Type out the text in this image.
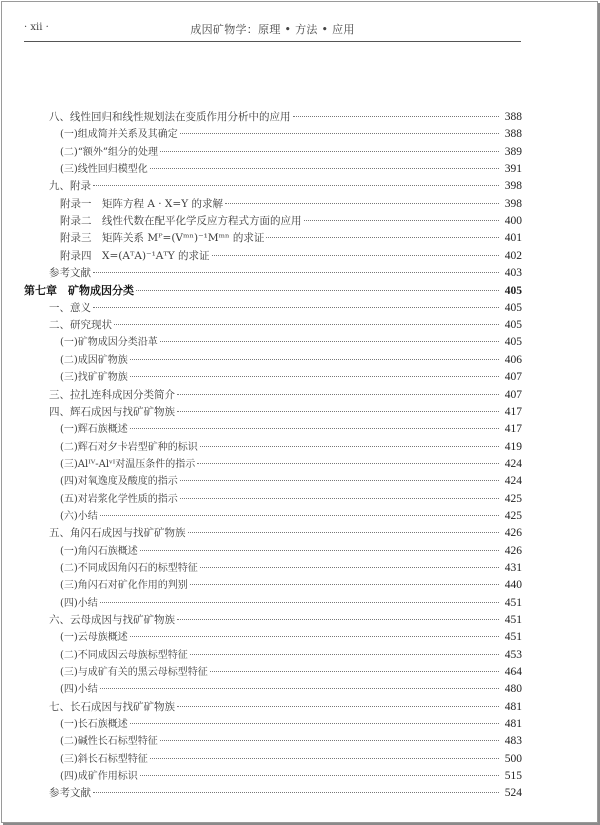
· xii ·	成因矿物学：原理 • 方法 • 应用
八、线性回归和线性规划法在变质作用分析中的应用	388
(一)组成简并关系及其确定	388
(二)“额外”组分的处理	389
(三)线性回归模型化	391
九、附录	398
附录一　矩阵方程 A · X=Y 的求解	398
附录二　线性代数在配平化学反应方程式方面的应用	400
附录三　矩阵关系 Mᴾ=(Vᵐⁿ)⁻¹Mᵐⁿ 的求证	401
附录四　X=(AᵀA)⁻¹AᵀY 的求证	402
参考文献	403
第七章　矿物成因分类	405
一、意义	405
二、研究现状	405
(一)矿物成因分类沿革	405
(二)成因矿物族	406
(三)找矿矿物族	407
三、拉扎连科成因分类简介	407
四、辉石成因与找矿矿物族	417
(一)辉石族概述	417
(二)辉石对夕卡岩型矿种的标识	419
(三)Alᴵⱽ-Alᵛᴵ对温压条件的指示	424
(四)对氧逸度及酸度的指示	424
(五)对岩浆化学性质的指示	425
(六)小结	425
五、角闪石成因与找矿矿物族	426
(一)角闪石族概述	426
(二)不同成因角闪石的标型特征	431
(三)角闪石对矿化作用的判别	440
(四)小结	451
六、云母成因与找矿矿物族	451
(一)云母族概述	451
(二)不同成因云母族标型特征	453
(三)与成矿有关的黑云母标型特征	464
(四)小结	480
七、长石成因与找矿矿物族	481
(一)长石族概述	481
(二)碱性长石标型特征	483
(三)斜长石标型特征	500
(四)成矿作用标识	515
参考文献	524
